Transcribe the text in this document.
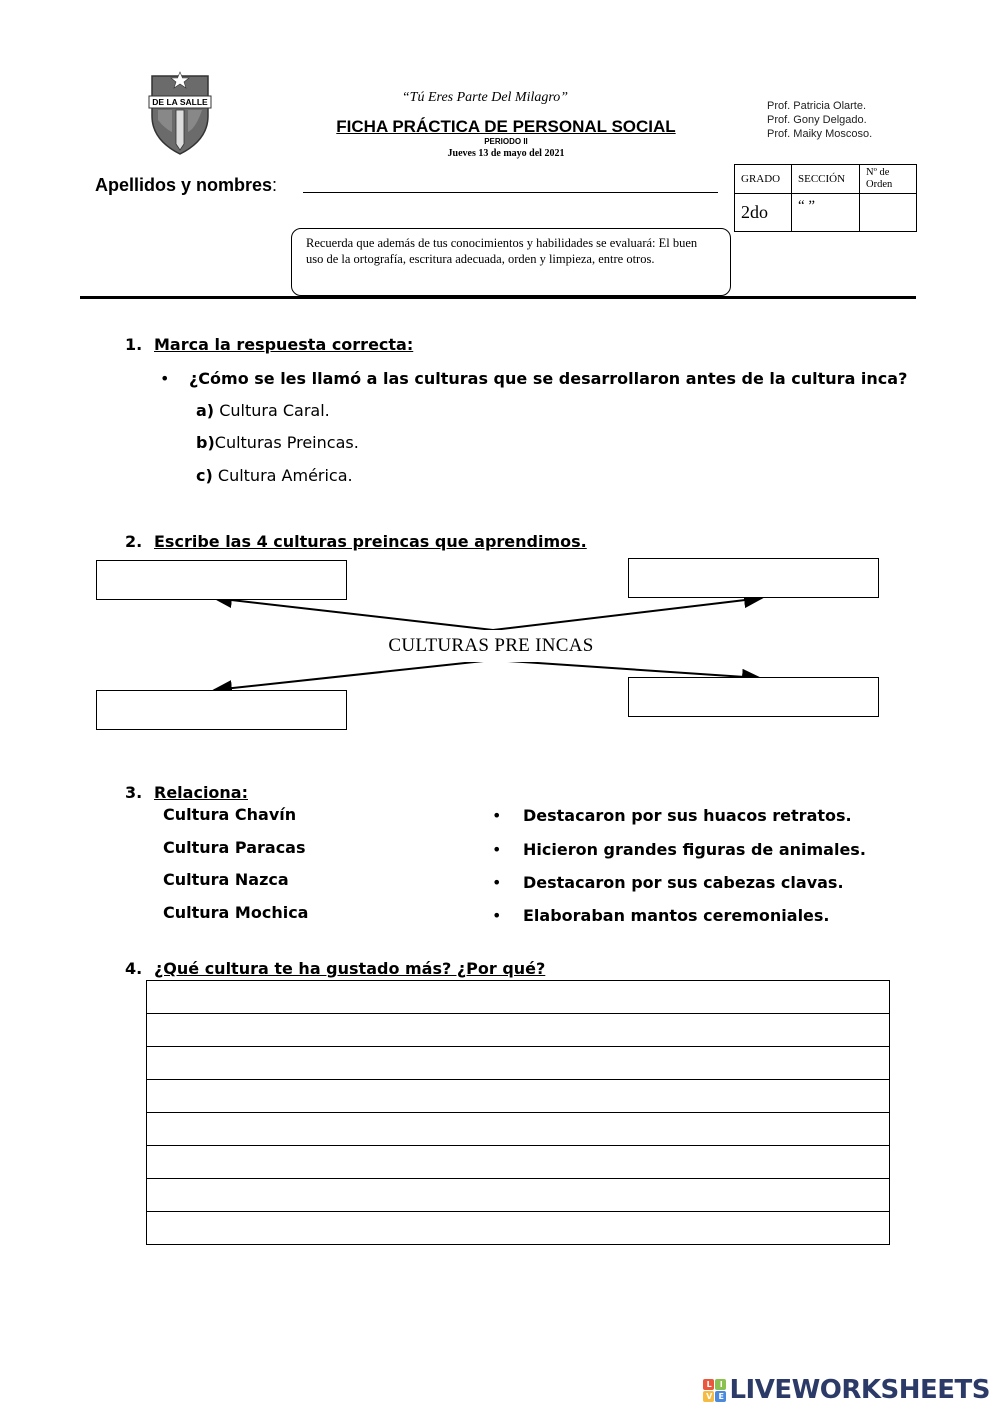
DE LA SALLE	“Tú Eres Parte Del Milagro”
FICHA PRÁCTICA DE PERSONAL SOCIAL
PERIODO II
Jueves 13 de mayo del 2021
Prof. Patricia Olarte.
Prof. Gony Delgado.
Prof. Maiky Moscoso.
Apellidos y nombres:	GRADO	SECCIÓN	Nº de Orden
2do	“ ”	
Recuerda que además de tus conocimientos y habilidades se evaluará: El buen uso de la ortografía, escritura adecuada, orden y limpieza, entre otros.
1. Marca la respuesta correcta:
• ¿Cómo se les llamó a las culturas que se desarrollaron antes de la cultura inca?
a) Cultura Caral.
b)Culturas Preincas.
c) Cultura América.
2. Escribe las 4 culturas preincas que aprendimos.
CULTURAS PRE INCAS
3. Relaciona:
Cultura Chavín
Cultura Paracas
Cultura Nazca
Cultura Mochica
• Destacaron por sus huacos retratos.
• Hicieron grandes figuras de animales.
• Destacaron por sus cabezas clavas.
• Elaboraban mantos ceremoniales.
4. ¿Qué cultura te ha gustado más? ¿Por qué?

L	I
V E LIVEWORKSHEETS
